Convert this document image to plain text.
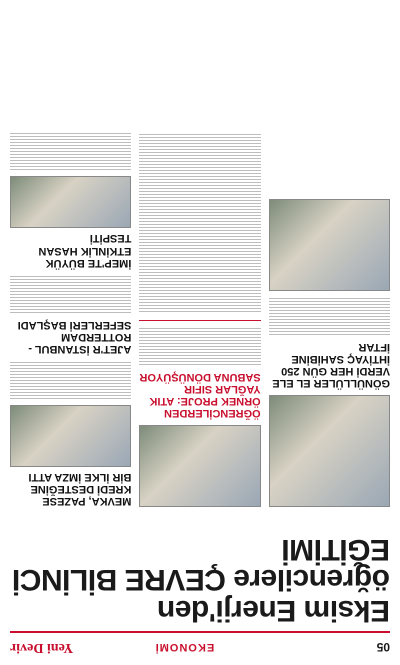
05
EKONOMİ
Yeni Devir
Eksim Enerji'den öğrencilere ÇEVRE BİLİNCİ EĞİTİMİ
GÖNÜLLÜLER EL ELE VERDİ HER GÜN 250 İHTİYAÇ SAHİBİNE İFTAR
ÖĞRENCİLERDEN ÖRNEK PROJE: ATIK YAĞLAR SIFIR SABUNA DÖNÜŞÜYOR
MEVKA, PAZESE KREDİ DESTEĞİNE BİR İLKE İMZA ATTI
AJET'R İSTANBUL - ROTTERDAM SEFERLERİ BAŞLADI
İMEP'TE BÜYÜK ETKİNLİK HASAN TESPİTİ
